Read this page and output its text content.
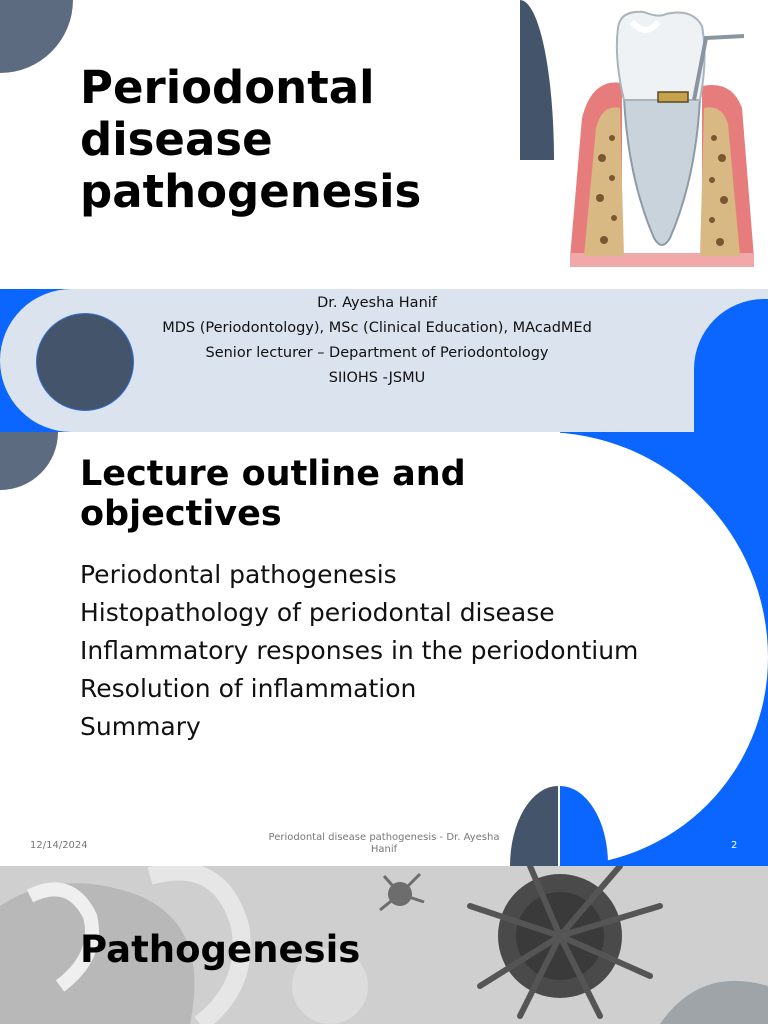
Periodontal
disease
pathogenesis
Dr. Ayesha Hanif
MDS (Periodontology), MSc (Clinical Education), MAcadMEd
Senior lecturer – Department of Periodontology
SIIOHS -JSMU
Lecture outline and
objectives
Periodontal pathogenesis
Histopathology of periodontal disease
Inflammatory responses in the periodontium
Resolution of inflammation
Summary
12/14/2024
Periodontal disease pathogenesis - Dr. Ayesha Hanif	2
Pathogenesis
